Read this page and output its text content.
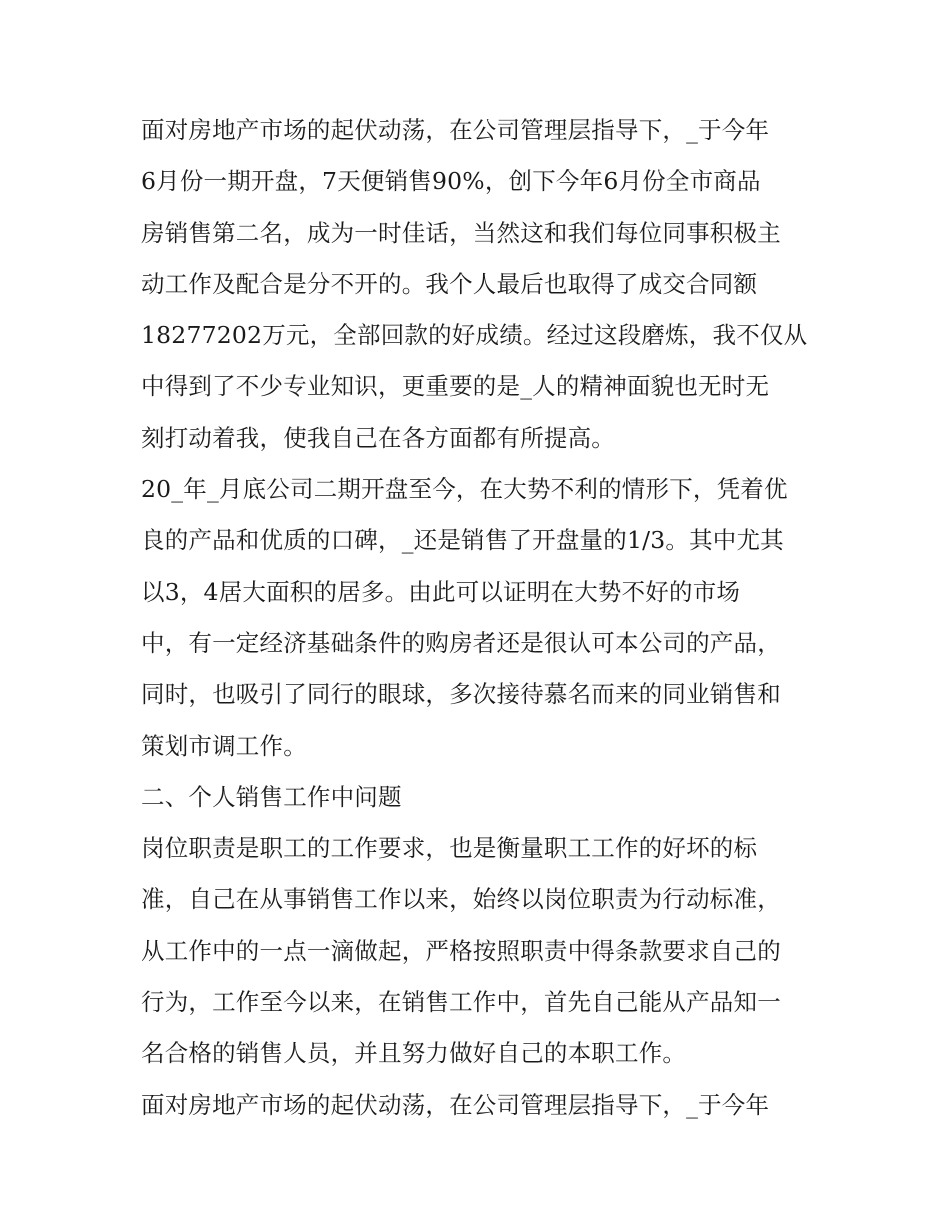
面对房地产市场的起伏动荡，在公司管理层指导下，_于今年
6月份一期开盘，7天便销售90%，创下今年6月份全市商品
房销售第二名，成为一时佳话，当然这和我们每位同事积极主
动工作及配合是分不开的。我个人最后也取得了成交合同额
18277202万元，全部回款的好成绩。经过这段磨炼，我不仅从
中得到了不少专业知识，更重要的是_人的精神面貌也无时无
刻打动着我，使我自己在各方面都有所提高。
20_年_月底公司二期开盘至今，在大势不利的情形下，凭着优
良的产品和优质的口碑，_还是销售了开盘量的1/3。其中尤其
以3，4居大面积的居多。由此可以证明在大势不好的市场
中，有一定经济基础条件的购房者还是很认可本公司的产品，
同时，也吸引了同行的眼球，多次接待慕名而来的同业销售和
策划市调工作。
二、个人销售工作中问题
岗位职责是职工的工作要求，也是衡量职工工作的好坏的标
准，自己在从事销售工作以来，始终以岗位职责为行动标准，
从工作中的一点一滴做起，严格按照职责中得条款要求自己的
行为，工作至今以来，在销售工作中，首先自己能从产品知一
名合格的销售人员，并且努力做好自己的本职工作。
面对房地产市场的起伏动荡，在公司管理层指导下，_于今年
